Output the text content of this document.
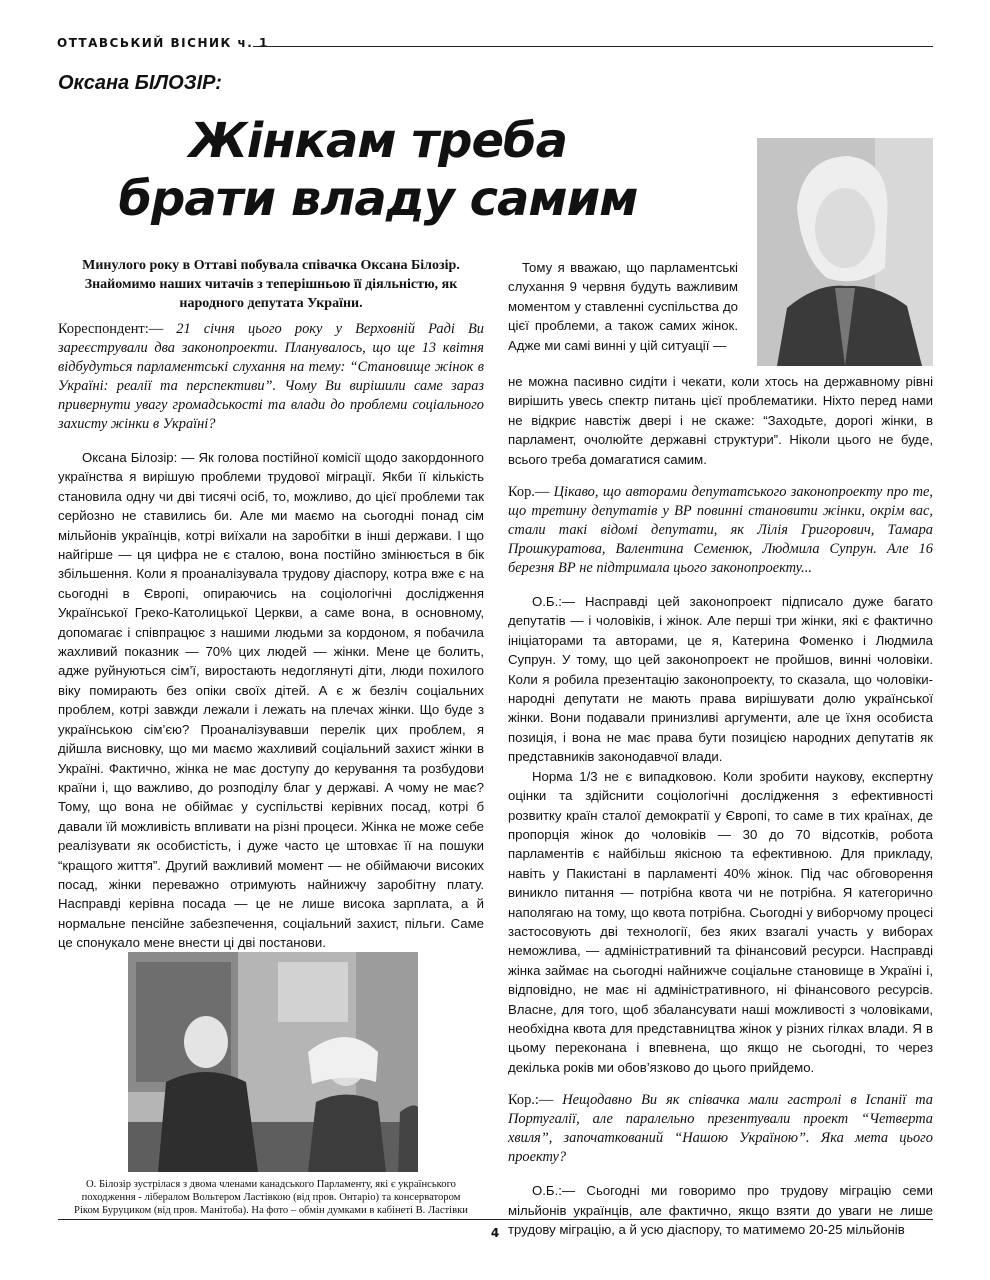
ОТТАВСЬКИЙ ВІСНИК ч. 1
Оксана БІЛОЗІР:
Жінкам треба
брати владу самим
Минулого року в Оттаві побувала співачка Оксана Білозір.
Знайомимо наших читачів з теперішньою її діяльністю, як
народного депутата України.
Кореспондент:— 21 січня цього року у Верховній Раді Ви зареєстрували два законопроекти. Планувалось, що ще 13 квітня відбудуться парламентські слухання на тему: “Становище жінок в Україні: реалії та перспективи”. Чому Ви вирішили саме зараз привернути увагу громадськості та влади до проблеми соціального захисту жінки в Україні?

Оксана Білозір: — Як голова постійної комісії щодо закордонного українства я вирішую проблеми трудової міграції. Якби її кількість становила одну чи дві тисячі осіб, то, можливо, до цієї проблеми так серйозно не ставились би. Але ми маємо на сьогодні понад сім мільйонів українців, котрі виїхали на заробітки в інші держави. І що найгірше — ця цифра не є сталою, вона постійно змінюється в бік збільшення. Коли я проаналізувала трудову діаспору, котра вже є на сьогодні в Європі, опираючись на соціологічні дослідження Української Греко-Католицької Церкви, а саме вона, в основному, допомагає і співпрацює з нашими людьми за кордоном, я побачила жахливий показник — 70% цих людей — жінки. Мене це болить, адже руйнуються сім’ї, виростають недоглянуті діти, люди похилого віку помирають без опіки своїх дітей. А є ж безліч соціальних проблем, котрі завжди лежали і лежать на плечах жінки. Що буде з українською сім’єю? Проаналізувавши перелік цих проблем, я дійшла висновку, що ми маємо жахливий соціальний захист жінки в Україні. Фактично, жінка не має доступу до керування та розбудови країни і, що важливо, до розподілу благ у державі. А чому не має? Тому, що вона не обіймає у суспільстві керівних посад, котрі б давали їй можливість впливати на різні процеси. Жінка не може себе реалізувати як особистість, і дуже часто це штовхає її на пошуки “кращого життя”. Другий важливий момент — не обіймаючи високих посад, жінки переважно отримують найнижчу заробітну плату. Насправді керівна посада — це не лише висока зарплата, а й нормальне пенсійне забезпечення, соціальний захист, пільги. Саме це спонукало мене внести ці дві постанови.

Тому я вважаю, що парламентські слухання 9 червня будуть важливим моментом у ставленні суспільства до цієї проблеми, а також самих жінок. Адже ми самі винні у цій ситуації —

не можна пасивно сидіти і чекати, коли хтось на державному рівні вирішить увесь спектр питань цієї проблематики. Ніхто перед нами не відкриє навстіж двері і не скаже: “Заходьте, дорогі жінки, в парламент, очолюйте державні структури”. Ніколи цього не буде, всього треба домагатися самим.
Кор.— Цікаво, що авторами депутатського законопроекту про те, що третину депутатів у ВР повинні становити жінки, окрім вас, стали такі відомі депутати, як Лілія Григорович, Тамара Прошкуратова, Валентина Семенюк, Людмила Супрун. Але 16 березня ВР не підтримала цього законопроекту...

О.Б.:— Насправді цей законопроект підписало дуже багато депутатів — і чоловіків, і жінок. Але перші три жінки, які є фактично ініціаторами та авторами, це я, Катерина Фоменко і Людмила Супрун. У тому, що цей законопроект не пройшов, винні чоловіки. Коли я робила презентацію законопроекту, то сказала, що чоловіки-народні депутати не мають права вирішувати долю української жінки. Вони подавали принизливі аргументи, але це їхня особиста позиція, і вона не має права бути позицією народних депутатів як представників законодавчої влади.

Норма 1/3 не є випадковою. Коли зробити наукову, експертну оцінки та здійснити соціологічні дослідження з ефективності розвитку країн сталої демократії у Європі, то саме в тих країнах, де пропорція жінок до чоловіків — 30 до 70 відсотків, робота парламентів є найбільш якісною та ефективною. Для прикладу, навіть у Пакистані в парламенті 40% жінок. Під час обговорення виникло питання — потрібна квота чи не потрібна. Я категорично наполягаю на тому, що квота потрібна. Сьогодні у виборчому процесі застосовують дві технології, без яких взагалі участь у виборах неможлива, — адміністративний та фінансовий ресурси. Насправді жінка займає на сьогодні найнижче соціальне становище в Україні і, відповідно, не має ні адміністративного, ні фінансового ресурсів. Власне, для того, щоб збалансувати наші можливості з чоловіками, необхідна квота для представництва жінок у різних гілках влади. Я в цьому переконана і впевнена, що якщо не сьогодні, то через декілька років ми обов’язково до цього прийдемо.

Кор.:— Нещодавно Ви як співачка мали гастролі в Іспанії та Португалії, але паралельно презентували проект “Четверта хвиля”, започаткований “Нашою Україною”. Яка мета цього проекту?

О.Б.:— Сьогодні ми говоримо про трудову міграцію семи мільйонів українців, але фактично, якщо взяти до уваги не лише трудову міграцію, а й усю діаспору, то матимемо 20-25 мільйонів

О. Білозір зустрілася з двома членами канадського Парламенту, які є українського
походження - лібералом Вольтером Ластівкою (від пров. Онтаріо) та консерватором
Ріком Буруциком (від пров. Манітоба). На фото – обмін думками в кабінеті В. Ластівки
4
